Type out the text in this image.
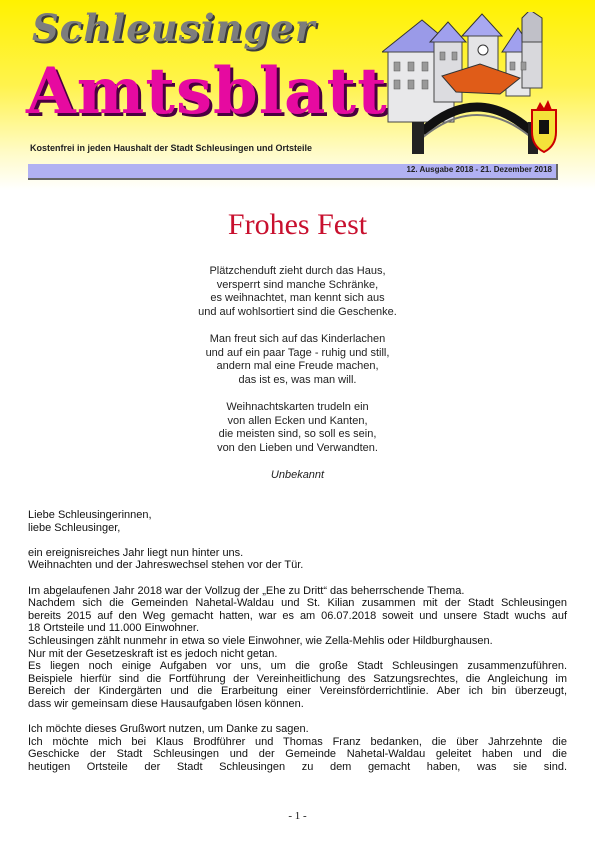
Schleusinger
Amtsblatt
Kostenfrei in jeden Haushalt der Stadt Schleusingen und Ortsteile
12. Ausgabe 2018 - 21. Dezember 2018
Frohes Fest
Plätzchenduft zieht durch das Haus,
versperrt sind manche Schränke,
es weihnachtet, man kennt sich aus
und auf wohlsortiert sind die Geschenke.
Man freut sich auf das Kinderlachen
und auf ein paar Tage - ruhig und still,
andern mal eine Freude machen,
das ist es, was man will.
Weihnachtskarten trudeln ein
von allen Ecken und Kanten,
die meisten sind, so soll es sein,
von den Lieben und Verwandten.
Unbekannt
Liebe Schleusingerinnen,
liebe Schleusinger,
ein ereignisreiches Jahr liegt nun hinter uns.
Weihnachten und der Jahreswechsel stehen vor der Tür.
Im abgelaufenen Jahr 2018 war der Vollzug der „Ehe zu Dritt“ das beherrschende Thema.
Nachdem sich die Gemeinden Nahetal-Waldau und St. Kilian zusammen mit der Stadt Schleusingen
bereits 2015 auf den Weg gemacht hatten, war es am 06.07.2018 soweit und unsere Stadt wuchs auf
18 Ortsteile und 11.000 Einwohner.
Schleusingen zählt nunmehr in etwa so viele Einwohner, wie Zella-Mehlis oder Hildburghausen.
Nur mit der Gesetzeskraft ist es jedoch nicht getan.
Es liegen noch einige Aufgaben vor uns, um die große Stadt Schleusingen zusammenzuführen.
Beispiele hierfür sind die Fortführung der Vereinheitlichung des Satzungsrechtes, die Angleichung im
Bereich der Kindergärten und die Erarbeitung einer Vereinsförderrichtlinie. Aber ich bin überzeugt,
dass wir gemeinsam diese Hausaufgaben lösen können.
Ich möchte dieses Grußwort nutzen, um Danke zu sagen.
Ich möchte mich bei Klaus Brodführer und Thomas Franz bedanken, die über Jahrzehnte die
Geschicke der Stadt Schleusingen und der Gemeinde Nahetal-Waldau geleitet haben und die
heutigen Ortsteile der Stadt Schleusingen zu dem gemacht haben, was sie sind.
- 1 -
